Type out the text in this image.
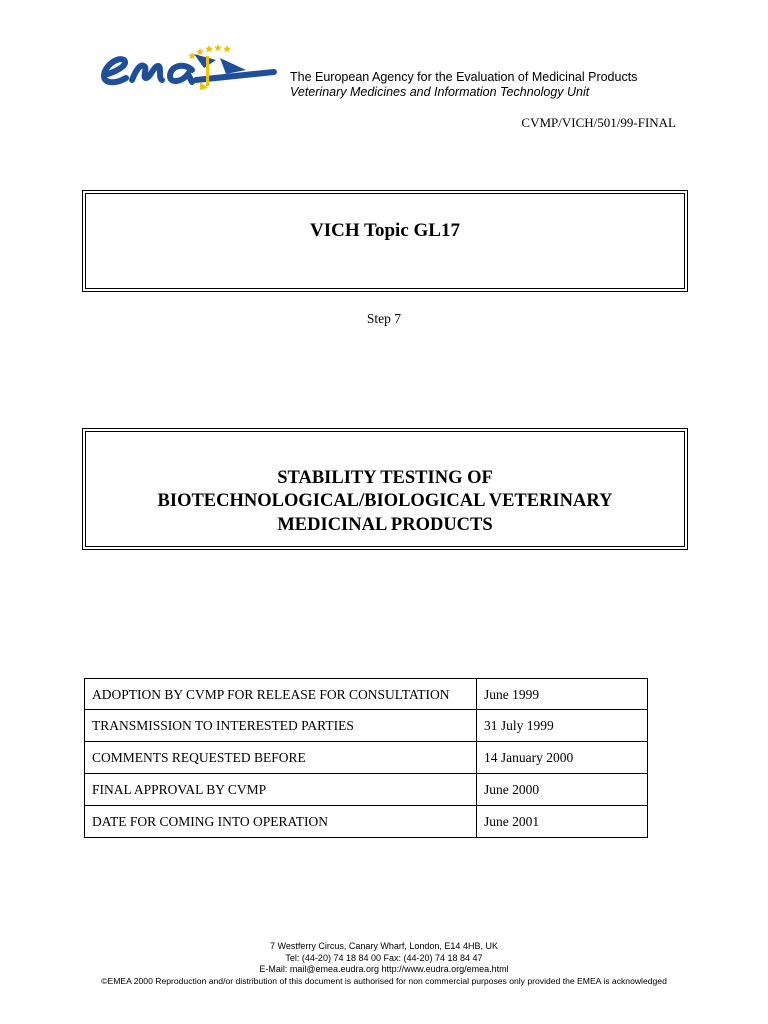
The European Agency for the Evaluation of Medicinal Products
Veterinary Medicines and Information Technology Unit
CVMP/VICH/501/99-FINAL
VICH Topic GL17
Step 7
STABILITY TESTING OF
BIOTECHNOLOGICAL/BIOLOGICAL VETERINARY
MEDICINAL PRODUCTS
ADOPTION BY CVMP FOR RELEASE FOR CONSULTATION	June 1999
TRANSMISSION TO INTERESTED PARTIES	31 July 1999
COMMENTS REQUESTED BEFORE	14 January 2000
FINAL APPROVAL BY CVMP	June 2000
DATE FOR COMING INTO OPERATION	June 2001
7 Westferry Circus, Canary Wharf, London, E14 4HB, UK
Tel: (44-20) 74 18 84 00 Fax: (44-20) 74 18 84 47
E-Mail: mail@emea.eudra.org http://www.eudra.org/emea.html
©EMEA 2000 Reproduction and/or distribution of this document is authorised for non commercial purposes only provided the EMEA is acknowledged
